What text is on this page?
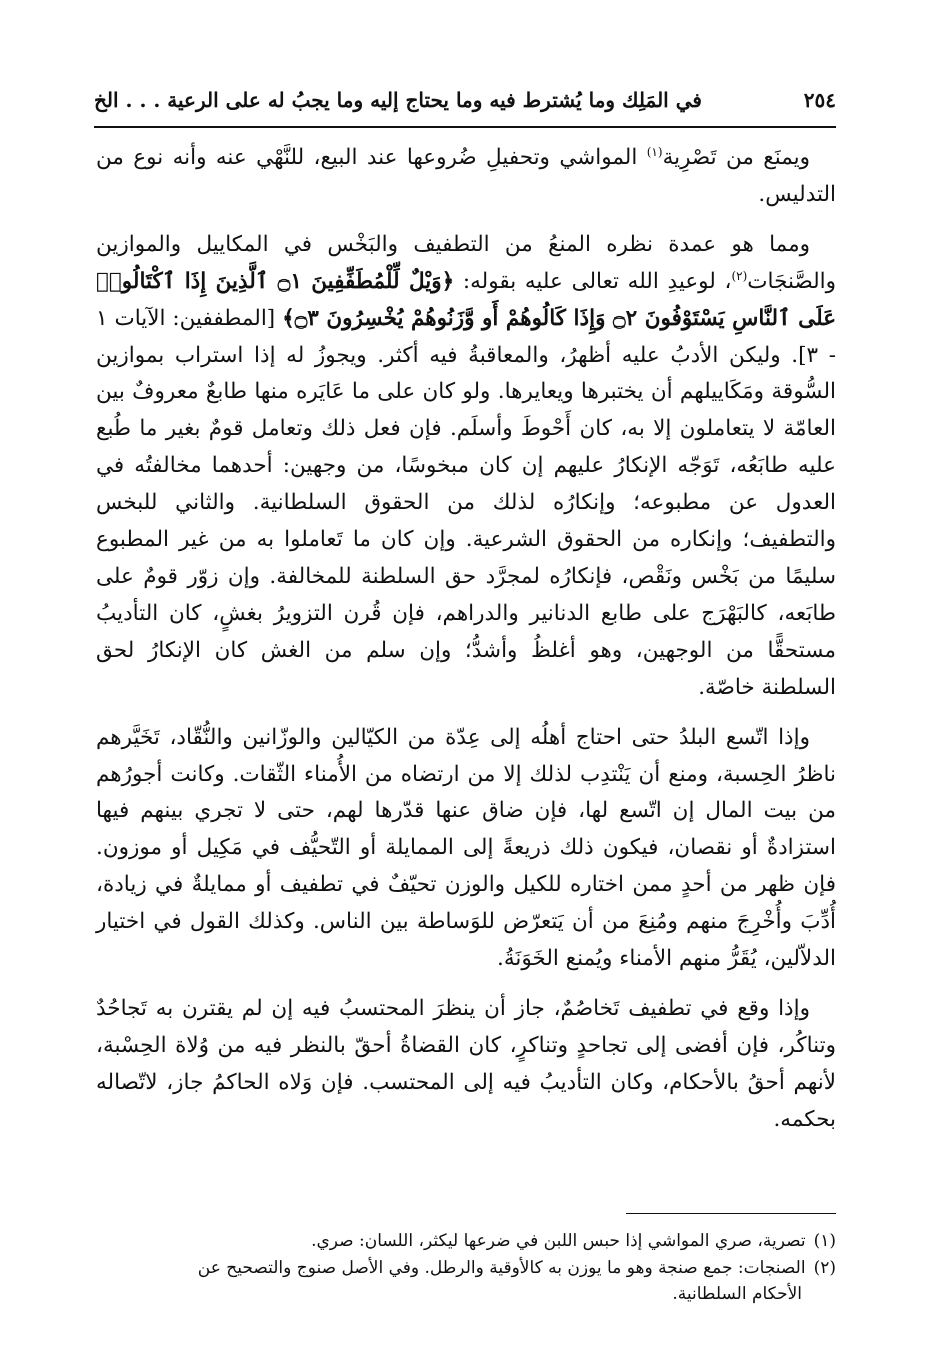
٢٥٤
في المَلِك وما يُشترط فيه وما يحتاج إليه وما يجبُ له على الرعية . . . الخ

ويمنَع من تَصْرِية$^{(١)}$ المواشي وتحفيلِ ضُروعها عند البيع، للنَّهْي عنه وأنه نوع من التدليس.

ومما هو عمدة نظره المنعُ من التطفيف والبَخْس في المكاييل والموازين والصَّنجَات$^{(٢)}$، لوعيدِ الله تعالى عليه بقوله: ﴿وَيْلٌ لِّلْمُطَفِّفِينَ ۝١ ٱلَّذِينَ إِذَا ٱكْتَالُوا۟ عَلَى ٱلنَّاسِ يَسْتَوْفُونَ ۝٢ وَإِذَا كَالُوهُمْ أَو وَّزَنُوهُمْ يُخْسِرُونَ ۝٣﴾ [المطففين: الآيات ١ - ٣]. وليكن الأدبُ عليه أظهرُ، والمعاقبةُ فيه أكثر. ويجوزُ له إذا استراب بموازين السُّوقة ومَكَاييلهم أن يختبرها ويعايرها. ولو كان على ما عَايَره منها طابعٌ معروفٌ بين العامّة لا يتعاملون إلا به، كان أَحْوطَ وأسلَم. فإن فعل ذلك وتعامل قومٌ بغير ما طُبع عليه طابَعُه، تَوَجّه الإنكارُ عليهم إن كان مبخوسًا، من وجهين: أحدهما مخالفتُه في العدول عن مطبوعه؛ وإنكارُه لذلك من الحقوق السلطانية. والثاني للبخس والتطفيف؛ وإنكاره من الحقوق الشرعية. وإن كان ما تَعاملوا به من غير المطبوع سليمًا من بَخْس ونَقْص، فإنكارُه لمجرَّد حق السلطنة للمخالفة. وإن زوّر قومٌ على طابَعه، كالبَهْرَج على طابع الدنانير والدراهم، فإن قُرن التزويرُ بغشٍ، كان التأديبُ مستحقًّا من الوجهين، وهو أغلظُ وأشدُّ؛ وإن سلم من الغش كان الإنكارُ لحق السلطنة خاصّة.

وإذا اتّسع البلدُ حتى احتاج أهلُه إلى عِدّة من الكيّالين والوزّانين والنُّقّاد، تَخَيَّرهم ناظرُ الحِسبة، ومنع أن يَنْتدِب لذلك إلا من ارتضاه من الأُمناء الثّقات. وكانت أجورُهم من بيت المال إن اتّسع لها، فإن ضاق عنها قدّرها لهم، حتى لا تجري بينهم فيها استزادةٌ أو نقصان، فيكون ذلك ذريعةً إلى الممايلة أو التّحيُّف في مَكِيل أو موزون. فإن ظهر من أحدٍ ممن اختاره للكيل والوزن تحيّفٌ في تطفيف أو ممايلةٌ في زيادة، أُدِّبَ وأُخْرِجَ منهم ومُنِعَ من أن يَتعرّض للوَساطة بين الناس. وكذلك القول في اختيار الدلاّلين، يُقَرُّ منهم الأمناء ويُمنع الخَوَنَةُ.

وإذا وقع في تطفيف تَخاصُمٌ، جاز أن ينظرَ المحتسبُ فيه إن لم يقترن به تَجاحُدٌ وتناكُر، فإن أفضى إلى تجاحدٍ وتناكرٍ، كان القضاةُ أحقّ بالنظر فيه من وُلاة الحِسْبة، لأنهم أحقُ بالأحكام، وكان التأديبُ فيه إلى المحتسب. فإن وَلاه الحاكمُ جاز، لاتّصاله بحكمه.

(١)تصرية، صري المواشي إذا حبس اللبن في ضرعها ليكثر، اللسان: صري.

(٢)الصنجات: جمع صنجة وهو ما يوزن به كالأوقية والرطل. وفي الأصل صنوج والتصحيح عن
الأحكام السلطانية.
